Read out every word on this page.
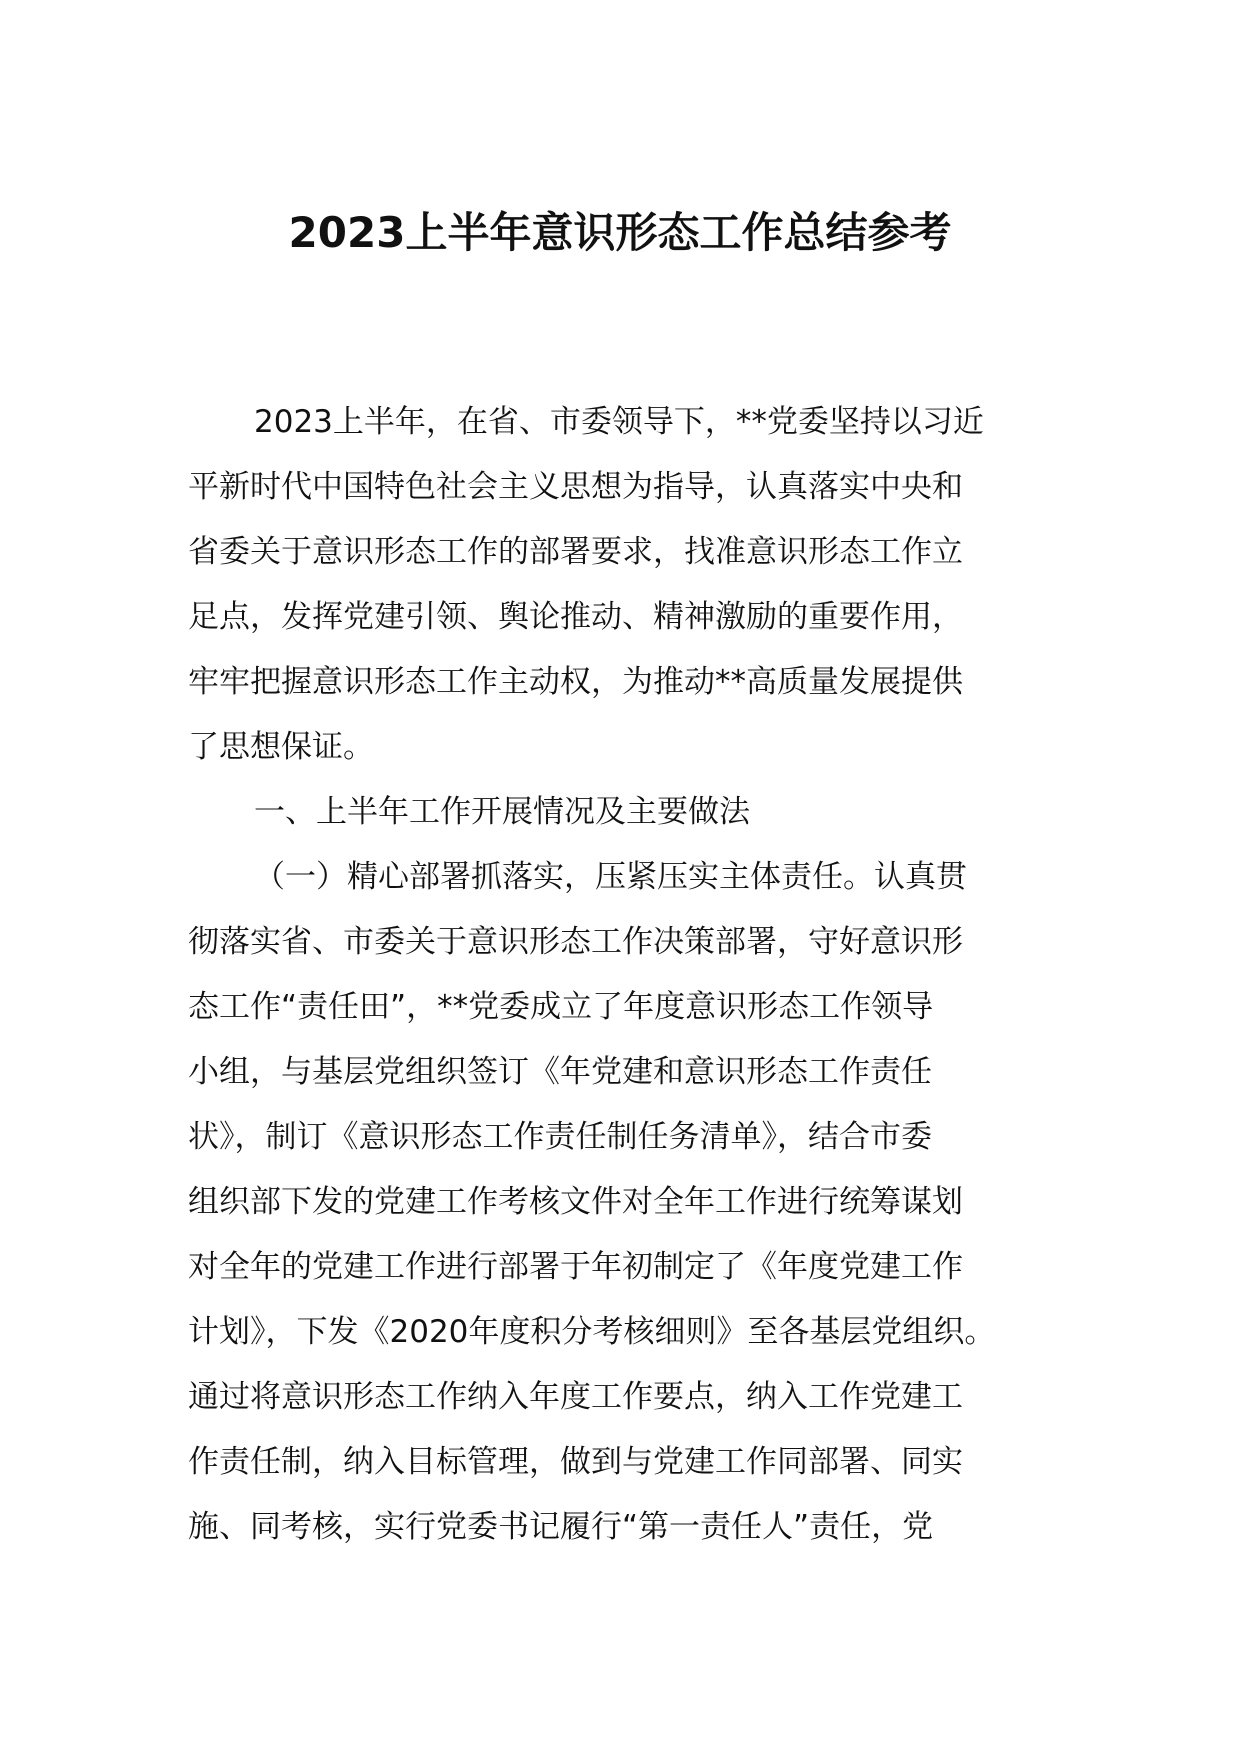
2023上半年意识形态工作总结参考
2023上半年，在省、市委领导下，**党委坚持以习近
平新时代中国特色社会主义思想为指导，认真落实中央和
省委关于意识形态工作的部署要求，找准意识形态工作立
足点，发挥党建引领、舆论推动、精神激励的重要作用，
牢牢把握意识形态工作主动权，为推动**高质量发展提供
了思想保证。
一、上半年工作开展情况及主要做法
（一）精心部署抓落实，压紧压实主体责任。认真贯
彻落实省、市委关于意识形态工作决策部署，守好意识形
态工作“责任田”，**党委成立了年度意识形态工作领导
小组，与基层党组织签订《年党建和意识形态工作责任
状》，制订《意识形态工作责任制任务清单》，结合市委
组织部下发的党建工作考核文件对全年工作进行统筹谋划
对全年的党建工作进行部署于年初制定了《年度党建工作
计划》，下发《2020年度积分考核细则》至各基层党组织。
通过将意识形态工作纳入年度工作要点，纳入工作党建工
作责任制，纳入目标管理，做到与党建工作同部署、同实
施、同考核，实行党委书记履行“第一责任人”责任，党
